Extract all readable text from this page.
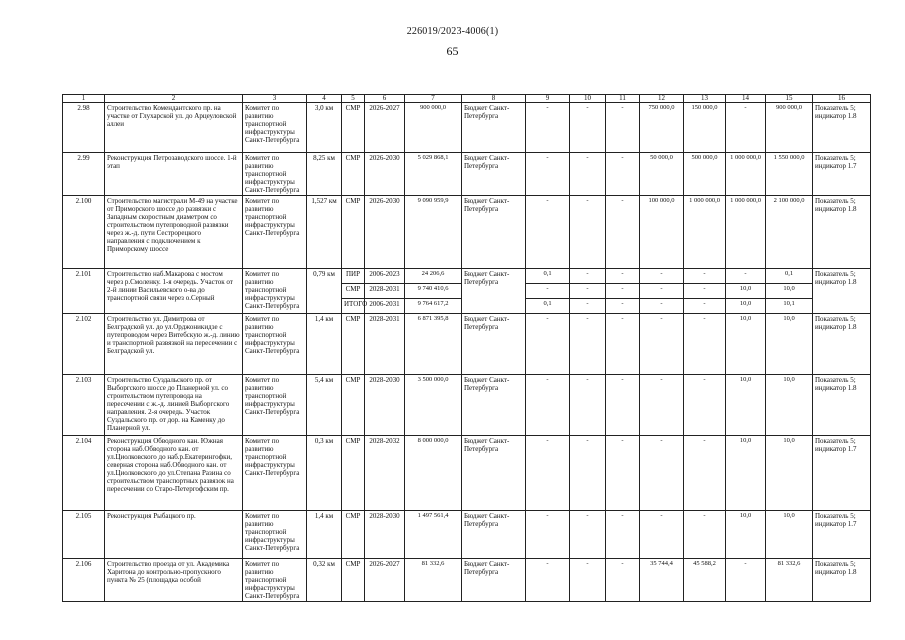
226019/2023-4006(1)
65
1	2	3	4	5	6	7	8	9	10	11	12	13	14	15	16
2.98	Строительство Комендантского пр. на участке от Глухарской ул. до Арцеуловской аллеи	Комитет по развитию транспортной инфраструктуры Санкт-Петербурга	3,0 км	СМР	2026-2027	900 000,0	Бюджет Санкт-Петербурга	-	-	-	750 000,0	150 000,0	-	900 000,0	Показатель 5; индикатор 1.8
2.99	Реконструкция Петрозаводского шоссе. 1-й этап	Комитет по развитию транспортной инфраструктуры Санкт-Петербурга	8,25 км	СМР	2026-2030	5 029 868,1	Бюджет Санкт-Петербурга	-	-	-	50 000,0	500 000,0	1 000 000,0	1 550 000,0	Показатель 5; индикатор 1.7
2.100	Строительство магистрали М-49 на участке от Приморского шоссе до развязки с Западным скоростным диаметром со строительством путепроводной развязки через ж.-д. пути Сестрорецкого направления с подключением к Приморскому шоссе	Комитет по развитию транспортной инфраструктуры Санкт-Петербурга	1,527 км	СМР	2026-2030	9 090 959,9	Бюджет Санкт-Петербурга	-	-	-	100 000,0	1 000 000,0	1 000 000,0	2 100 000,0	Показатель 5; индикатор 1.8
2.101	Строительство наб.Макарова с мостом через р.Смоленку. 1-я очередь. Участок от 2-й линии Васильевского о-ва до транспортной связи через о.Серный	Комитет по развитию транспортной инфраструктуры Санкт-Петербурга	0,79 км	ПИР	2006-2023	24 206,6	Бюджет Санкт-Петербурга	0,1	-	-	-	-	-	0,1	Показатель 5; индикатор 1.8
				СМР	2028-2031	9 740 410,6		-	-	-	-	-	10,0	10,0	
				ИТОГО	2006-2031	9 764 617,2		0,1	-	-	-	-	10,0	10,1	
2.102	Строительство ул. Димитрова от Белградской ул. до ул.Орджоникидзе с путепроводом через Витебскую ж.-д. линию и транспортной развязкой на пересечении с Белградской ул.	Комитет по развитию транспортной инфраструктуры Санкт-Петербурга	1,4 км	СМР	2028-2031	6 871 395,8	Бюджет Санкт-Петербурга	-	-	-	-	-	10,0	10,0	Показатель 5; индикатор 1.8
2.103	Строительство Суздальского пр. от Выборгского шоссе до Планерной ул. со строительством путепровода на пересечении с ж.-д. линией Выборгского направления. 2-я очередь. Участок Суздальского пр. от дор. на Каменку до Планерной ул.	Комитет по развитию транспортной инфраструктуры Санкт-Петербурга	5,4 км	СМР	2028-2030	3 500 000,0	Бюджет Санкт-Петербурга	-	-	-	-	-	10,0	10,0	Показатель 5; индикатор 1.8
2.104	Реконструкция Обводного кан. Южная сторона наб.Обводного кан. от ул.Циолковского до наб.р.Екатерингофки, северная сторона наб.Обводного кан. от ул.Циолковского до ул.Степана Разина со строительством транспортных развязок на пересечении со Старо-Петергофским пр.	Комитет по развитию транспортной инфраструктуры Санкт-Петербурга	0,3 км	СМР	2028-2032	8 000 000,0	Бюджет Санкт-Петербурга	-	-	-	-	-	10,0	10,0	Показатель 5; индикатор 1.7
2.105	Реконструкция Рыбацкого пр.	Комитет по развитию транспортной инфраструктуры Санкт-Петербурга	1,4 км	СМР	2028-2030	1 497 561,4	Бюджет Санкт-Петербурга	-	-	-	-	-	10,0	10,0	Показатель 5; индикатор 1.7
2.106	Строительство проезда от ул. Академика Харитона до контрольно-пропускного пункта № 25 (площадка особой	Комитет по развитию транспортной инфраструктуры Санкт-Петербурга	0,32 км	СМР	2026-2027	81 332,6	Бюджет Санкт-Петербурга	-	-	-	35 744,4	45 588,2	-	81 332,6	Показатель 5; индикатор 1.8
